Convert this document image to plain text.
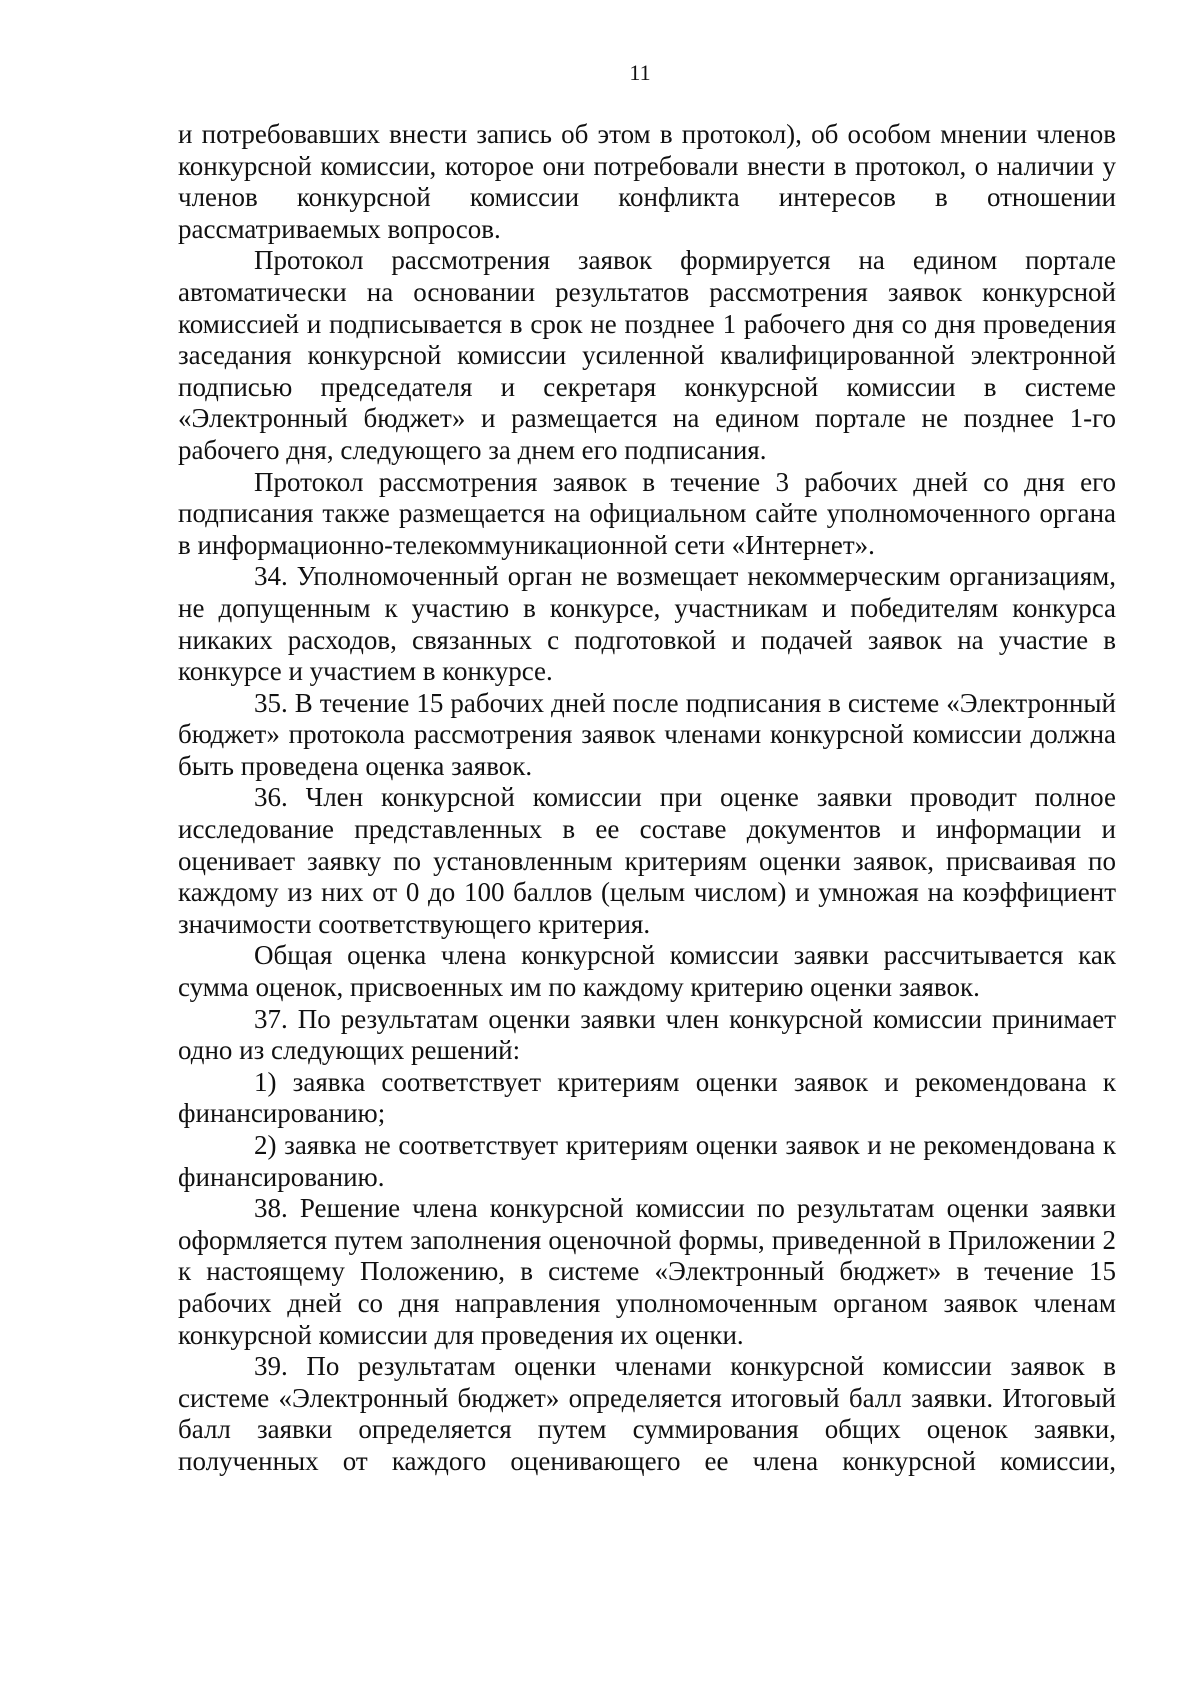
11

и потребовавших внести запись об этом в протокол), об особом мнении членов конкурсной комиссии, которое они потребовали внести в протокол, о наличии у членов конкурсной комиссии конфликта интересов в отношении рассматриваемых вопросов.

Протокол рассмотрения заявок формируется на едином портале автоматически на основании результатов рассмотрения заявок конкурсной комиссией и подписывается в срок не позднее 1 рабочего дня со дня проведения заседания конкурсной комиссии усиленной квалифицированной электронной подписью председателя и секретаря конкурсной комиссии в системе «Электронный бюджет» и размещается на едином портале не позднее 1-го рабочего дня, следующего за днем его подписания.

Протокол рассмотрения заявок в течение 3 рабочих дней со дня его подписания также размещается на официальном сайте уполномоченного органа в информационно-телекоммуникационной сети «Интернет».

34. Уполномоченный орган не возмещает некоммерческим организациям, не допущенным к участию в конкурсе, участникам и победителям конкурса никаких расходов, связанных с подготовкой и подачей заявок на участие в конкурсе и участием в конкурсе.

35. В течение 15 рабочих дней после подписания в системе «Электронный бюджет» протокола рассмотрения заявок членами конкурсной комиссии должна быть проведена оценка заявок.

36. Член конкурсной комиссии при оценке заявки проводит полное исследование представленных в ее составе документов и информации и оценивает заявку по установленным критериям оценки заявок, присваивая по каждому из них от 0 до 100 баллов (целым числом) и умножая на коэффициент значимости соответствующего критерия.

Общая оценка члена конкурсной комиссии заявки рассчитывается как сумма оценок, присвоенных им по каждому критерию оценки заявок.

37. По результатам оценки заявки член конкурсной комиссии принимает одно из следующих решений:

1) заявка соответствует критериям оценки заявок и рекомендована к финансированию;

2) заявка не соответствует критериям оценки заявок и не рекомендована к финансированию.

38. Решение члена конкурсной комиссии по результатам оценки заявки оформляется путем заполнения оценочной формы, приведенной в Приложении 2 к настоящему Положению, в системе «Электронный бюджет» в течение 15 рабочих дней со дня направления уполномоченным органом заявок членам конкурсной комиссии для проведения их оценки.

39. По результатам оценки членами конкурсной комиссии заявок в системе «Электронный бюджет» определяется итоговый балл заявки. Итоговый балл заявки определяется путем суммирования общих оценок заявки, полученных от каждого оценивающего ее члена конкурсной комиссии,
